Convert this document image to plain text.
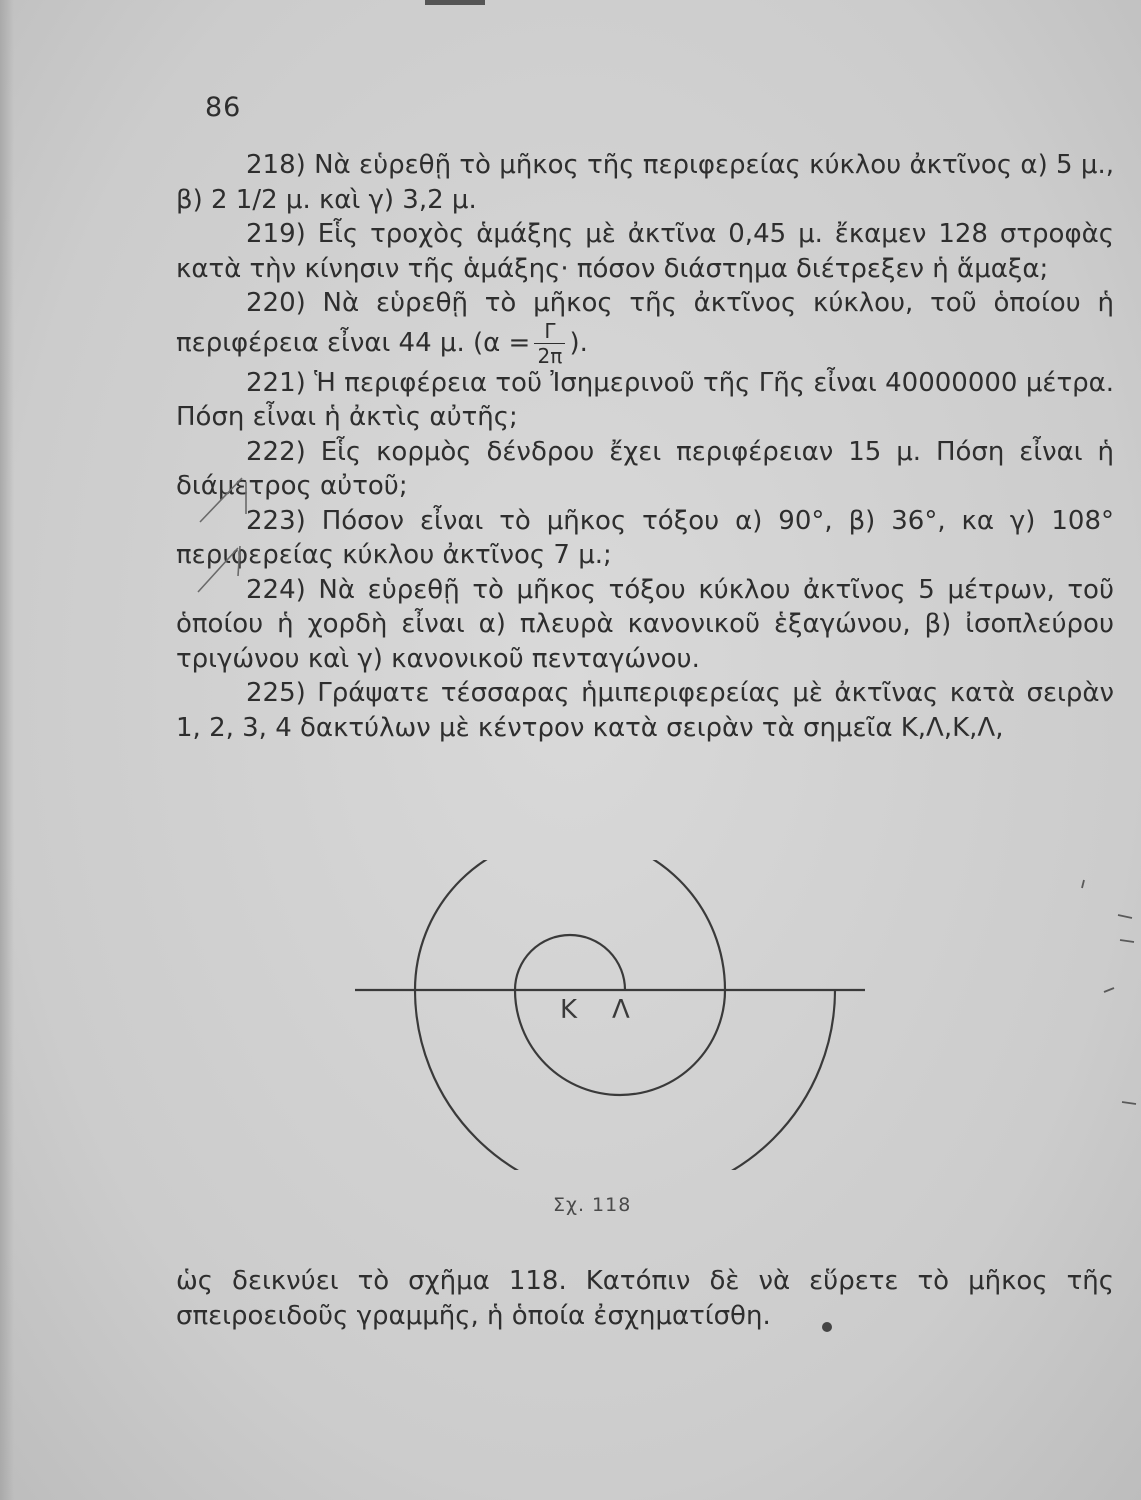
86

218) Νὰ εὑρεθῇ τὸ μῆκος τῆς περιφερείας κύκλου ἀκτῖνος α) 5 μ., β) 2 1/2 μ. καὶ γ) 3,2 μ.

219) Εἷς τροχὸς ἁμάξης μὲ ἀκτῖνα 0,45 μ. ἔκαμεν 128 στροφὰς κατὰ τὴν κίνησιν τῆς ἁμάξης· πόσον διάστημα διέτρεξεν ἡ ἅμαξα;

220) Νὰ εὑρεθῇ τὸ μῆκος τῆς ἀκτῖνος κύκλου, τοῦ ὁποίου ἡ περιφέρεια εἶναι 44 μ. ($\alpha = \frac{\Gamma}{2\pi}$ ).

221) Ἡ περιφέρεια τοῦ Ἰσημερινοῦ τῆς Γῆς εἶναι 40000000 μέτρα. Πόση εἶναι ἡ ἀκτὶς αὐτῆς;

222) Εἷς κορμὸς δένδρου ἔχει περιφέρειαν 15 μ. Πόση εἶναι ἡ διάμετρος αὐτοῦ;

223) Πόσον εἶναι τὸ μῆκος τόξου α) 90°, β) 36°, κα γ) 108° περιφερείας κύκλου ἀκτῖνος 7 μ.;

224) Νὰ εὑρεθῇ τὸ μῆκος τόξου κύκλου ἀκτῖνος 5 μέτρων, τοῦ ὁποίου ἡ χορδὴ εἶναι α) πλευρὰ κανονικοῦ ἑξαγώνου, β) ἰσοπλεύρου τριγώνου καὶ γ) κανονικοῦ πενταγώνου.

225) Γράψατε τέσσαρας ἡμιπεριφερείας μὲ ἀκτῖνας κατὰ σειρὰν 1, 2, 3, 4 δακτύλων μὲ κέντρον κατὰ σειρὰν τὰ σημεῖα Κ,Λ,Κ,Λ,

Κ Λ
Σχ. 118

ὡς δεικνύει τὸ σχῆμα 118. Κατόπιν δὲ νὰ εὕρετε τὸ μῆκος τῆς σπειροειδοῦς γραμμῆς, ἡ ὁποία ἐσχηματίσθη.
